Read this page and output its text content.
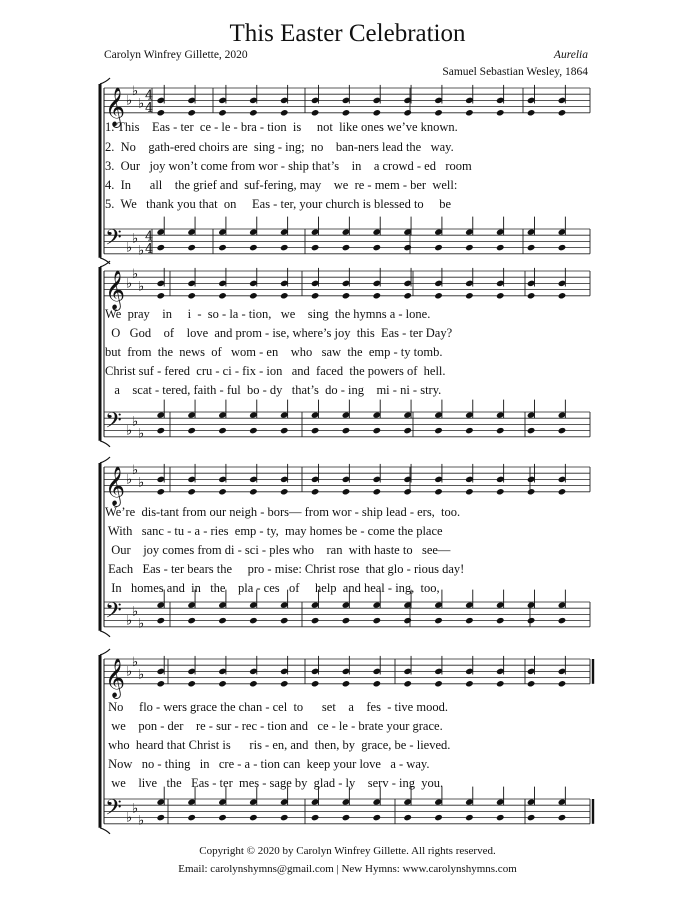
This Easter Celebration
Carolyn Winfrey Gillette, 2020	Aurelia
Samuel Sebastian Wesley, 1864
𝄞 ♭
♭
♭
4
4
𝄢 ♭
♭
♭
4
4
𝄞 ♭
♭
♭
𝄢 ♭
♭
♭
𝄞 ♭
♭
♭
𝄢 ♭
♭
♭
𝄞 ♭
♭
♭
𝄢 ♭
♭
♭
1. This    Eas - ter  ce - le - bra - tion  is     not  like ones we’ve known.
2.  No    gath-ered choirs are  sing - ing;  no    ban-ners lead the   way.
3.  Our   joy won’t come from wor - ship that’s    in    a crowd - ed   room
4.  In      all    the grief and  suf-fering, may    we  re - mem - ber  well:
5.  We   thank you that  on     Eas - ter, your church is blessed to     be
We  pray    in     i  -  so - la - tion,   we    sing  the hymns a - lone.
O   God    of    love  and prom - ise, where’s joy  this  Eas - ter Day?
but  from  the  news  of   wom - en    who   saw  the  emp - ty tomb.
Christ suf - fered  cru - ci - fix - ion   and  faced  the powers of  hell.
a    scat - tered, faith - ful  bo - dy   that’s  do - ing    mi - ni - stry.
We’re  dis-tant from our neigh - bors— from wor - ship lead - ers,  too.
With   sanc - tu - a - ries  emp - ty,  may homes be - come the place
Our    joy comes from di - sci - ples who    ran  with haste to   see—
Each   Eas - ter bears the     pro - mise: Christ rose  that glo - rious day!
In   homes and  in   the    pla - ces   of     help  and heal - ing,  too,
No     flo - wers grace the chan - cel  to      set    a    fes  - tive mood.
we    pon - der    re - sur - rec - tion and   ce - le - brate your grace.
who  heard that Christ is      ris - en, and  then, by  grace, be - lieved.
Now   no - thing   in   cre - a - tion can  keep your love   a - way.
we    live   the   Eas - ter  mes - sage by  glad - ly    serv - ing  you.
Copyright © 2020 by Carolyn Winfrey Gillette. All rights reserved.
Email: carolynshymns@gmail.com | New Hymns: www.carolynshymns.com
